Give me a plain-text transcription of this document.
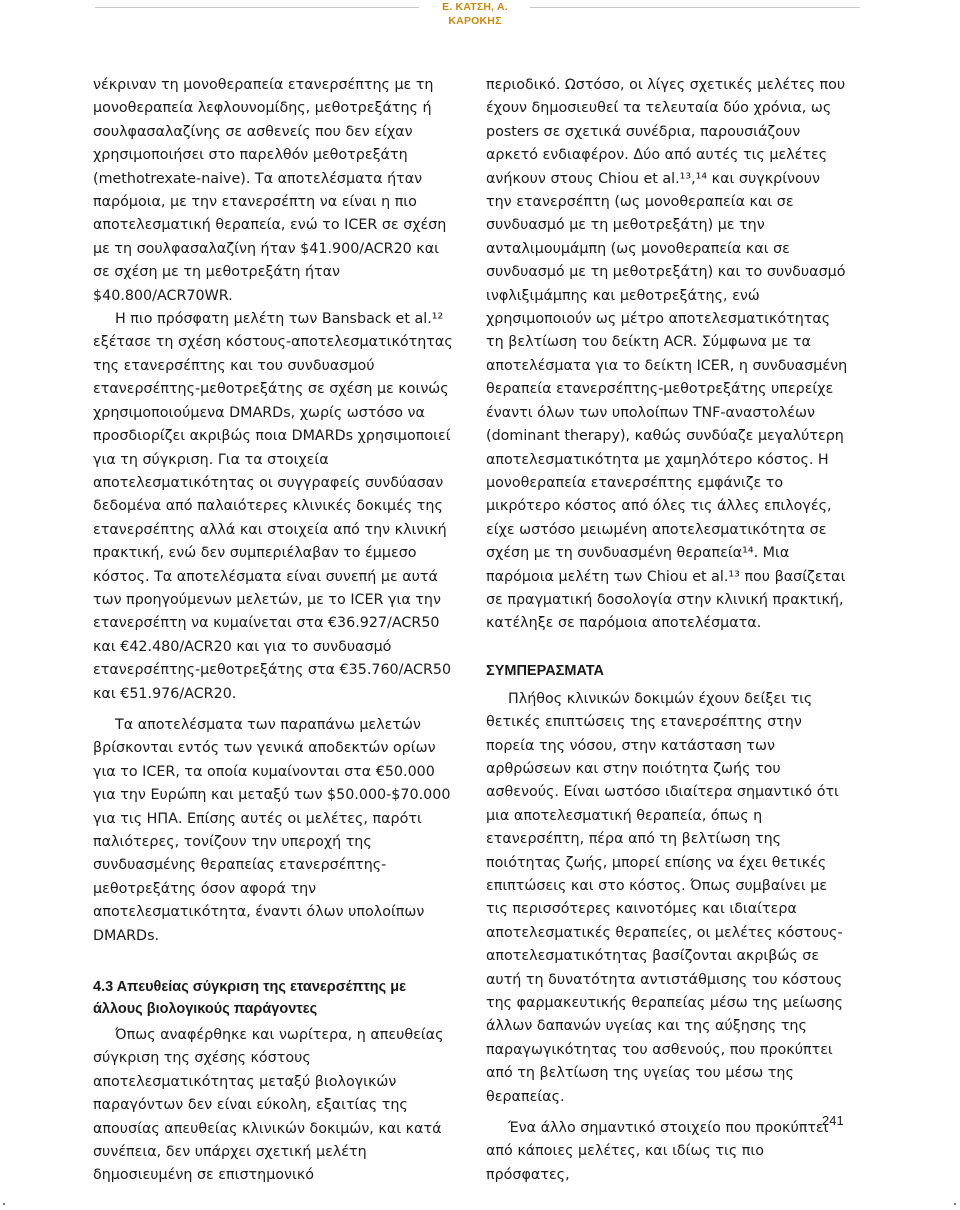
Ε. ΚΑΤΣΗ, Α. ΚΑΡΟΚΗΣ

νέκριναν τη μονοθεραπεία ετανερσέπτης με τη μονοθεραπεία λεφλουνομίδης, μεθοτρεξάτης ή σουλφασαλαζίνης σε ασθενείς που δεν είχαν χρησιμοποιήσει στο παρελθόν μεθοτρεξάτη (methotrexate-naive). Τα αποτελέσματα ήταν παρόμοια, με την ετανερσέπτη να είναι η πιο αποτελεσματική θεραπεία, ενώ το ICER σε σχέση με τη σουλφασαλαζίνη ήταν $41.900/ACR20 και σε σχέση με τη μεθοτρεξάτη ήταν $40.800/ACR70WR.

Η πιο πρόσφατη μελέτη των Bansback et al.¹² εξέτασε τη σχέση κόστους-αποτελεσματικότητας της ετανερσέπτης και του συνδυασμού ετανερσέπτης-μεθοτρεξάτης σε σχέση με κοινώς χρησιμοποιούμενα DMARDs, χωρίς ωστόσο να προσδιορίζει ακριβώς ποια DMARDs χρησιμοποιεί για τη σύγκριση. Για τα στοιχεία αποτελεσματικότητας οι συγγραφείς συνδύασαν δεδομένα από παλαιότερες κλινικές δοκιμές της ετανερσέπτης αλλά και στοιχεία από την κλινική πρακτική, ενώ δεν συμπεριέλαβαν το έμμεσο κόστος. Τα αποτελέσματα είναι συνεπή με αυτά των προηγούμενων μελετών, με το ICER για την ετανερσέπτη να κυμαίνεται στα €36.927/ACR50 και €42.480/ACR20 και για το συνδυασμό ετανερσέπτης-μεθοτρεξάτης στα €35.760/ACR50 και €51.976/ACR20.

Τα αποτελέσματα των παραπάνω μελετών βρίσκονται εντός των γενικά αποδεκτών ορίων για το ICER, τα οποία κυμαίνονται στα €50.000 για την Ευρώπη και μεταξύ των $50.000-$70.000 για τις ΗΠΑ. Επίσης αυτές οι μελέτες, παρότι παλιότερες, τονίζουν την υπεροχή της συνδυασμένης θεραπείας ετανερσέπτης-μεθοτρεξάτης όσον αφορά την αποτελεσματικότητα, έναντι όλων υπολοίπων DMARDs.

4.3 Απευθείας σύγκριση της ετανερσέπτης με άλλους βιολογικούς παράγοντες

Όπως αναφέρθηκε και νωρίτερα, η απευθείας σύγκριση της σχέσης κόστους αποτελεσματικότητας μεταξύ βιολογικών παραγόντων δεν είναι εύκολη, εξαιτίας της απουσίας απευθείας κλινικών δοκιμών, και κατά συνέπεια, δεν υπάρχει σχετική μελέτη δημοσιευμένη σε επιστημονικό

περιοδικό. Ωστόσο, οι λίγες σχετικές μελέτες που έχουν δημοσιευθεί τα τελευταία δύο χρόνια, ως posters σε σχετικά συνέδρια, παρουσιάζουν αρκετό ενδιαφέρον. Δύο από αυτές τις μελέτες ανήκουν στους Chiou et al.¹³,¹⁴ και συγκρίνουν την ετανερσέπτη (ως μονοθεραπεία και σε συνδυασμό με τη μεθοτρεξάτη) με την ανταλιμουμάμπη (ως μονοθεραπεία και σε συνδυασμό με τη μεθοτρεξάτη) και το συνδυασμό ινφλιξιμάμπης και μεθοτρεξάτης, ενώ χρησιμοποιούν ως μέτρο αποτελεσματικότητας τη βελτίωση του δείκτη ACR. Σύμφωνα με τα αποτελέσματα για το δείκτη ICER, η συνδυασμένη θεραπεία ετανερσέπτης-μεθοτρεξάτης υπερείχε έναντι όλων των υπολοίπων TNF-αναστολέων (dominant therapy), καθώς συνδύαζε μεγαλύτερη αποτελεσματικότητα με χαμηλότερο κόστος. Η μονοθεραπεία ετανερσέπτης εμφάνιζε το μικρότερο κόστος από όλες τις άλλες επιλογές, είχε ωστόσο μειωμένη αποτελεσματικότητα σε σχέση με τη συνδυασμένη θεραπεία¹⁴. Μια παρόμοια μελέτη των Chiou et al.¹³ που βασίζεται σε πραγματική δοσολογία στην κλινική πρακτική, κατέληξε σε παρόμοια αποτελέσματα.

ΣΥΜΠΕΡΑΣΜΑΤΑ

Πλήθος κλινικών δοκιμών έχουν δείξει τις θετικές επιπτώσεις της ετανερσέπτης στην πορεία της νόσου, στην κατάσταση των αρθρώσεων και στην ποιότητα ζωής του ασθενούς. Είναι ωστόσο ιδιαίτερα σημαντικό ότι μια αποτελεσματική θεραπεία, όπως η ετανερσέπτη, πέρα από τη βελτίωση της ποιότητας ζωής, μπορεί επίσης να έχει θετικές επιπτώσεις και στο κόστος. Όπως συμβαίνει με τις περισσότερες καινοτόμες και ιδιαίτερα αποτελεσματικές θεραπείες, οι μελέτες κόστους-αποτελεσματικότητας βασίζονται ακριβώς σε αυτή τη δυνατότητα αντιστάθμισης του κόστους της φαρμακευτικής θεραπείας μέσω της μείωσης άλλων δαπανών υγείας και της αύξησης της παραγωγικότητας του ασθενούς, που προκύπτει από τη βελτίωση της υγείας του μέσω της θεραπείας.

Ένα άλλο σημαντικό στοιχείο που προκύπτει από κάποιες μελέτες, και ιδίως τις πιο πρόσφατες,

241
